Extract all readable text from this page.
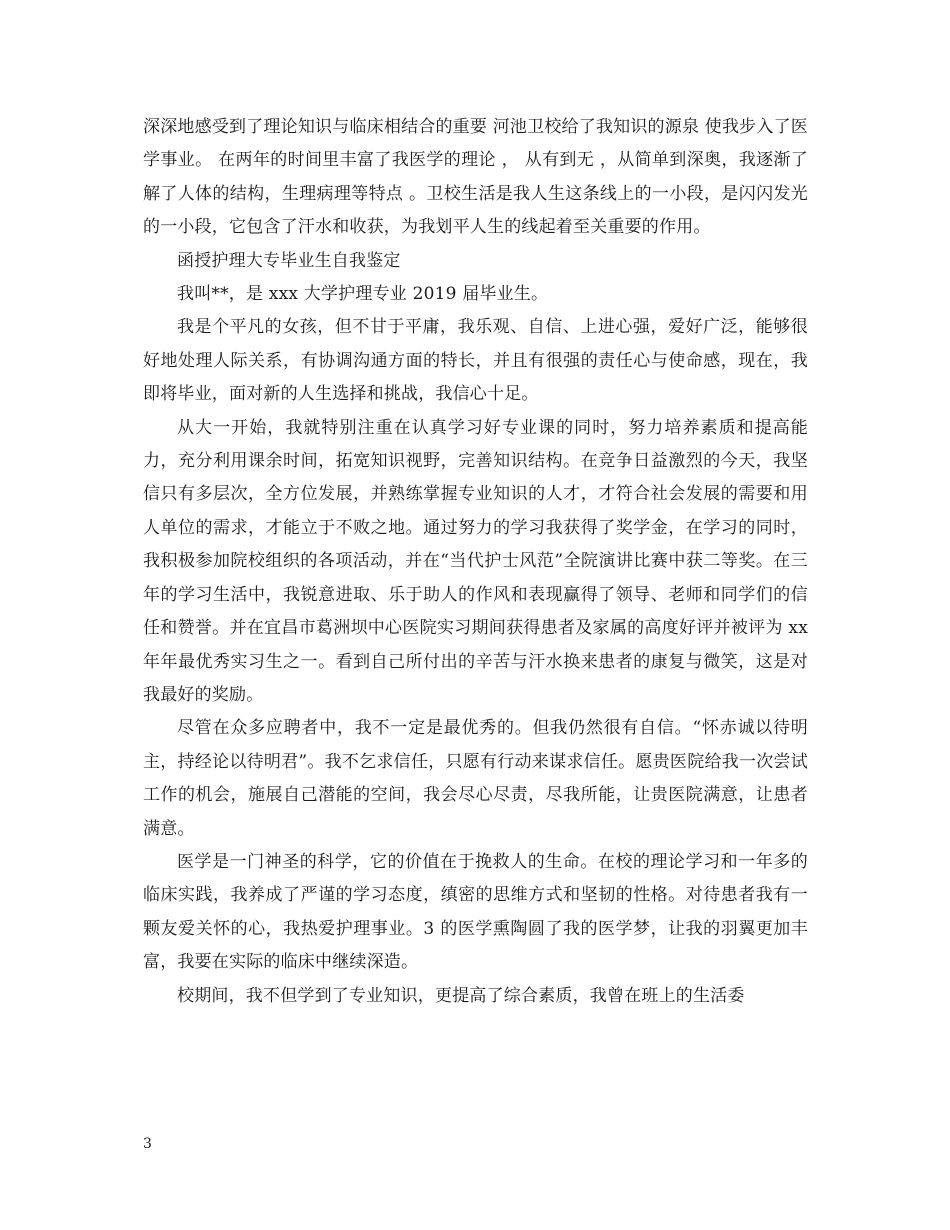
深深地感受到了理论知识与临床相结合的重要 河池卫校给了我知识的源泉 使我步入了医学事业。 在两年的时间里丰富了我医学的理论 ， 从有到无 ，从简单到深奥，我逐渐了解了人体的结构，生理病理等特点 。卫校生活是我人生这条线上的一小段，是闪闪发光的一小段，它包含了汗水和收获，为我划平人生的线起着至关重要的作用。

函授护理大专毕业生自我鉴定

我叫**，是 xxx 大学护理专业 2019 届毕业生。

我是个平凡的女孩，但不甘于平庸，我乐观、自信、上进心强，爱好广泛，能够很好地处理人际关系，有协调沟通方面的特长，并且有很强的责任心与使命感，现在，我即将毕业，面对新的人生选择和挑战，我信心十足。

从大一开始，我就特别注重在认真学习好专业课的同时，努力培养素质和提高能力，充分利用课余时间，拓宽知识视野，完善知识结构。在竞争日益激烈的今天，我坚信只有多层次，全方位发展，并熟练掌握专业知识的人才，才符合社会发展的需要和用人单位的需求，才能立于不败之地。通过努力的学习我获得了奖学金，在学习的同时，我积极参加院校组织的各项活动，并在“当代护士风范”全院演讲比赛中获二等奖。在三年的学习生活中，我锐意进取、乐于助人的作风和表现赢得了领导、老师和同学们的信任和赞誉。并在宜昌市葛洲坝中心医院实习期间获得患者及家属的高度好评并被评为 xx 年年最优秀实习生之一。看到自己所付出的辛苦与汗水换来患者的康复与微笑，这是对我最好的奖励。

尽管在众多应聘者中，我不一定是最优秀的。但我仍然很有自信。“怀赤诚以待明主，持经论以待明君”。我不乞求信任，只愿有行动来谋求信任。愿贵医院给我一次尝试工作的机会，施展自己潜能的空间，我会尽心尽责，尽我所能，让贵医院满意，让患者满意。

医学是一门神圣的科学，它的价值在于挽救人的生命。在校的理论学习和一年多的临床实践，我养成了严谨的学习态度，缜密的思维方式和坚韧的性格。对待患者我有一颗友爱关怀的心，我热爱护理事业。3 的医学熏陶圆了我的医学梦，让我的羽翼更加丰富，我要在实际的临床中继续深造。

校期间，我不但学到了专业知识，更提高了综合素质，我曾在班上的生活委

3
